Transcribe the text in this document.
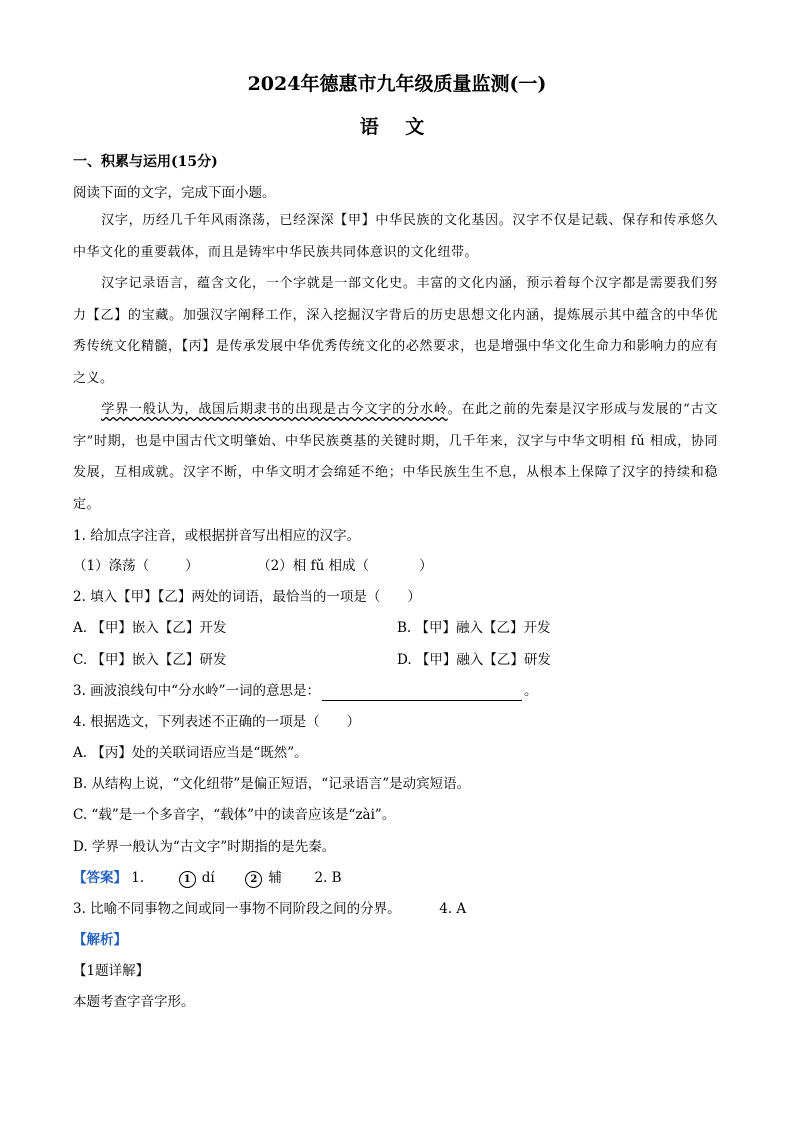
2024年德惠市九年级质量监测(一)
语 文
一、积累与运用(15分)
阅读下面的文字，完成下面小题。
汉字，历经几千年风雨涤荡，已经深深【甲】中华民族的文化基因。汉字不仅是记载、保存和传承悠久中华文化的重要载体，而且是铸牢中华民族共同体意识的文化纽带。
汉字记录语言，蕴含文化，一个字就是一部文化史。丰富的文化内涵，预示着每个汉字都是需要我们努力【乙】的宝藏。加强汉字阐释工作，深入挖掘汉字背后的历史思想文化内涵，提炼展示其中蕴含的中华优秀传统文化精髓，【丙】是传承发展中华优秀传统文化的必然要求，也是增强中华文化生命力和影响力的应有之义。
学界一般认为，战国后期隶书的出现是古今文字的分水岭。在此之前的先秦是汉字形成与发展的“古文字”时期，也是中国古代文明肇始、中华民族奠基的关键时期，几千年来，汉字与中华文明相 fǔ 相成，协同发展，互相成就。汉字不断，中华文明才会绵延不绝；中华民族生生不息，从根本上保障了汉字的持续和稳定。
1. 给加点字注音，或根据拼音写出相应的汉字。
（1）涤荡（	）	（2）相 fǔ 相成（	）
2. 填入【甲】【乙】两处的词语，最恰当的一项是（　　）
A. 【甲】嵌入【乙】开发	B. 【甲】融入【乙】开发
C. 【甲】嵌入【乙】研发	D. 【甲】融入【乙】研发
3. 画波浪线句中“分水岭”一词的意思是：	。
4. 根据选文，下列表述不正确的一项是（　　）
A. 【丙】处的关联词语应当是“既然”。
B. 从结构上说，“文化纽带”是偏正短语，“记录语言”是动宾短语。
C. “载”是一个多音字，“载体”中的读音应该是“zài”。
D. 学界一般认为“古文字”时期指的是先秦。
【答案】 1.	1 dí	2 辅 2. B
3. 比喻不同事物之间或同一事物不同阶段之间的分界。	4. A
【解析】
【1题详解】
本题考查字音字形。
